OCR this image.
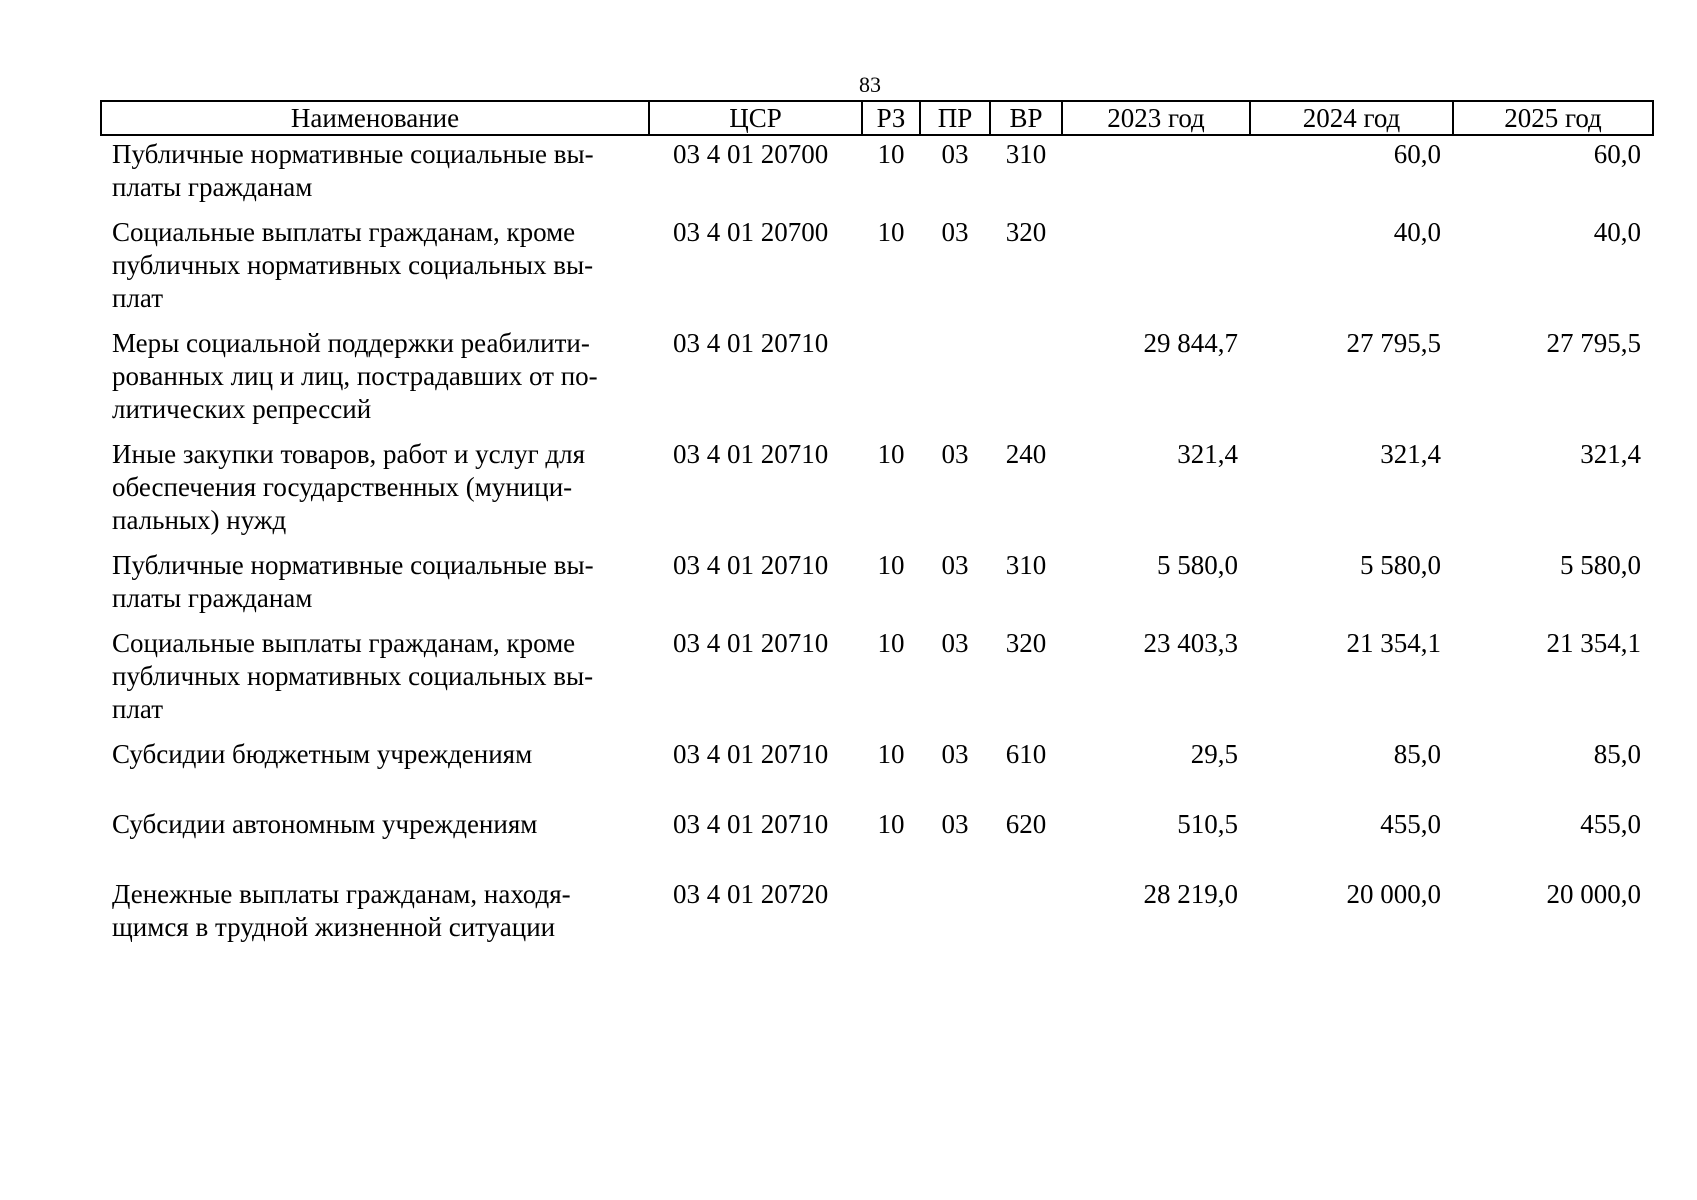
83
Наименование	ЦСР	РЗ	ПР	ВР	2023 год	2024 год	2025 год

Публичные нормативные социальные вы-
платы гражданам	03 4 01 20700	10	03	310		60,0	60,0

Социальные выплаты гражданам, кроме
публичных нормативных социальных вы-
плат	03 4 01 20700	10	03	320		40,0	40,0

Меры социальной поддержки реабилити-
рованных лиц и лиц, пострадавших от по-
литических репрессий	03 4 01 20710				29 844,7	27 795,5	27 795,5

Иные закупки товаров, работ и услуг для
обеспечения государственных (муници-
пальных) нужд	03 4 01 20710	10	03	240	321,4	321,4	321,4

Публичные нормативные социальные вы-
платы гражданам	03 4 01 20710	10	03	310	5 580,0	5 580,0	5 580,0

Социальные выплаты гражданам, кроме
публичных нормативных социальных вы-
плат	03 4 01 20710	10	03	320	23 403,3	21 354,1	21 354,1

Субсидии бюджетным учреждениям	03 4 01 20710	10	03	610	29,5	85,0	85,0

Субсидии автономным учреждениям	03 4 01 20710	10	03	620	510,5	455,0	455,0

Денежные выплаты гражданам, находя-
щимся в трудной жизненной ситуации	03 4 01 20720				28 219,0	20 000,0	20 000,0
